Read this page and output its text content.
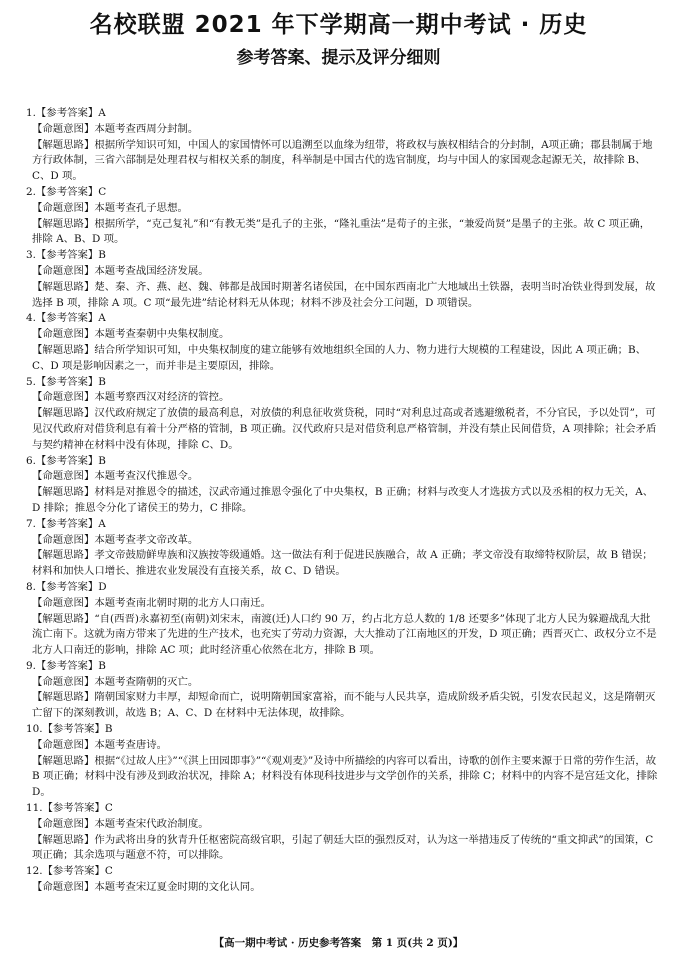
名校联盟 2021 年下学期高一期中考试 · 历史
参考答案、提示及评分细则
1.【参考答案】A
【命题意图】本题考查西周分封制。
【解题思路】根据所学知识可知，中国人的家国情怀可以追溯至以血缘为纽带，将政权与族权相结合的分封制，A项正确；郡县制属于地方行政体制，三省六部制是处理君权与相权关系的制度，科举制是中国古代的选官制度，均与中国人的家国观念起源无关，故排除 B、C、D 项。
2.【参考答案】C
【命题意图】本题考查孔子思想。
【解题思路】根据所学，“克己复礼”和“有教无类”是孔子的主张，“隆礼重法”是荀子的主张，“兼爱尚贤”是墨子的主张。故 C 项正确，排除 A、B、D 项。
3.【参考答案】B
【命题意图】本题考查战国经济发展。
【解题思路】楚、秦、齐、燕、赵、魏、韩都是战国时期著名诸侯国，在中国东西南北广大地域出土铁器，表明当时冶铁业得到发展，故选择 B 项，排除 A 项。C 项“最先进”结论材料无从体现；材料不涉及社会分工问题，D 项错误。
4.【参考答案】A
【命题意图】本题考查秦朝中央集权制度。
【解题思路】结合所学知识可知，中央集权制度的建立能够有效地组织全国的人力、物力进行大规模的工程建设，因此 A 项正确；B、C、D 项是影响因素之一，而并非是主要原因，排除。
5.【参考答案】B
【命题意图】本题考察西汉对经济的管控。
【解题思路】汉代政府规定了放债的最高利息，对放债的利息征收赏贷税，同时“对利息过高或者逃避缴税者，不分官民，予以处罚”，可见汉代政府对借贷利息有着十分严格的管制，B 项正确。汉代政府只是对借贷利息严格管制，并没有禁止民间借贷，A 项排除；社会矛盾与契约精神在材料中没有体现，排除 C、D。
6.【参考答案】B
【命题意图】本题考查汉代推恩令。
【解题思路】材料是对推恩令的描述，汉武帝通过推恩令强化了中央集权，B 正确；材料与改变人才选拔方式以及丞相的权力无关，A、D 排除；推恩令分化了诸侯王的势力，C 排除。
7.【参考答案】A
【命题意图】本题考查孝文帝改革。
【解题思路】孝文帝鼓励鲜卑族和汉族按等级通婚。这一做法有利于促进民族融合，故 A 正确；孝文帝没有取缔特权阶层，故 B 错误；材料和加快人口增长、推进农业发展没有直接关系，故 C、D 错误。
8.【参考答案】D
【命题意图】本题考查南北朝时期的北方人口南迁。
【解题思路】“自(西晋)永嘉初至(南朝)刘宋末，南渡(迁)人口约 90 万，约占北方总人数的 1/8 还要多”体现了北方人民为躲避战乱大批流亡南下。这就为南方带来了先进的生产技术，也充实了劳动力资源，大大推动了江南地区的开发，D 项正确；西晋灭亡、政权分立不是北方人口南迁的影响，排除 AC 项；此时经济重心依然在北方，排除 B 项。
9.【参考答案】B
【命题意图】本题考查隋朝的灭亡。
【解题思路】隋朝国家财力丰厚，却短命而亡，说明隋朝国家富裕，而不能与人民共享，造成阶级矛盾尖锐，引发农民起义，这是隋朝灭亡留下的深刻教训，故选 B；A、C、D 在材料中无法体现，故排除。
10.【参考答案】B
【命题意图】本题考查唐诗。
【解题思路】根据“《过故人庄》”“《淇上田园即事》”“《观刈麦》”及诗中所描绘的内容可以看出，诗歌的创作主要来源于日常的劳作生活，故 B 项正确；材料中没有涉及到政治状况，排除 A；材料没有体现科技进步与文学创作的关系，排除 C；材料中的内容不是宫廷文化，排除 D。
11.【参考答案】C
【命题意图】本题考查宋代政治制度。
【解题思路】作为武将出身的狄青升任枢密院高级官职，引起了朝廷大臣的强烈反对，认为这一举措违反了传统的“重文抑武”的国策，C 项正确；其余选项与题意不符，可以排除。
12.【参考答案】C
【命题意图】本题考查宋辽夏金时期的文化认同。
【高一期中考试 · 历史参考答案　第 1 页(共 2 页)】
